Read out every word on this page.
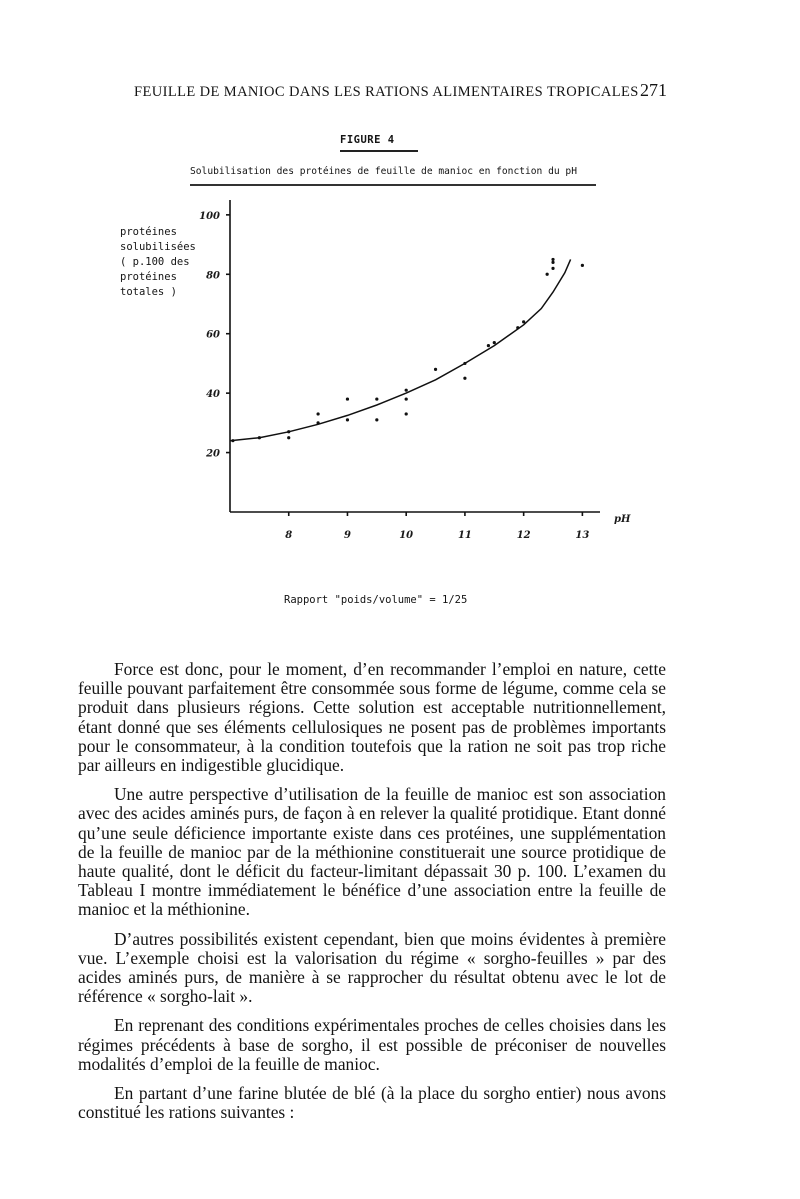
FEUILLE DE MANIOC DANS LES RATIONS ALIMENTAIRES TROPICALES 271
FIGURE 4
Solubilisation des protéines de feuille de manioc en fonction du pH
protéines
solubilisées
( p.100 des
protéines
totales )
20
40
60
80
100
8	9	10	11	12	13
pH
Rapport "poids/volume" = 1/25

Force est donc, pour le moment, d’en recommander l’emploi en nature, cette feuille pouvant parfaitement être consommée sous forme de légume, comme cela se produit dans plusieurs régions. Cette solution est acceptable nutritionnellement, étant donné que ses éléments cellulosiques ne posent pas de problèmes importants pour le consommateur, à la condition toutefois que la ration ne soit pas trop riche par ailleurs en indigestible glucidique.

Une autre perspective d’utilisation de la feuille de manioc est son association avec des acides aminés purs, de façon à en relever la qualité protidique. Etant donné qu’une seule déficience importante existe dans ces protéines, une supplémentation de la feuille de manioc par de la méthionine constituerait une source protidique de haute qualité, dont le déficit du facteur-limitant dépassait 30 p. 100. L’examen du Tableau I montre immédiatement le bénéfice d’une association entre la feuille de manioc et la méthionine.

D’autres possibilités existent cependant, bien que moins évidentes à première vue. L’exemple choisi est la valorisation du régime « sorgho-feuilles » par des acides aminés purs, de manière à se rapprocher du résultat obtenu avec le lot de référence « sorgho-lait ».

En reprenant des conditions expérimentales proches de celles choisies dans les régimes précédents à base de sorgho, il est possible de préconiser de nouvelles modalités d’emploi de la feuille de manioc.

En partant d’une farine blutée de blé (à la place du sorgho entier) nous avons constitué les rations suivantes :
